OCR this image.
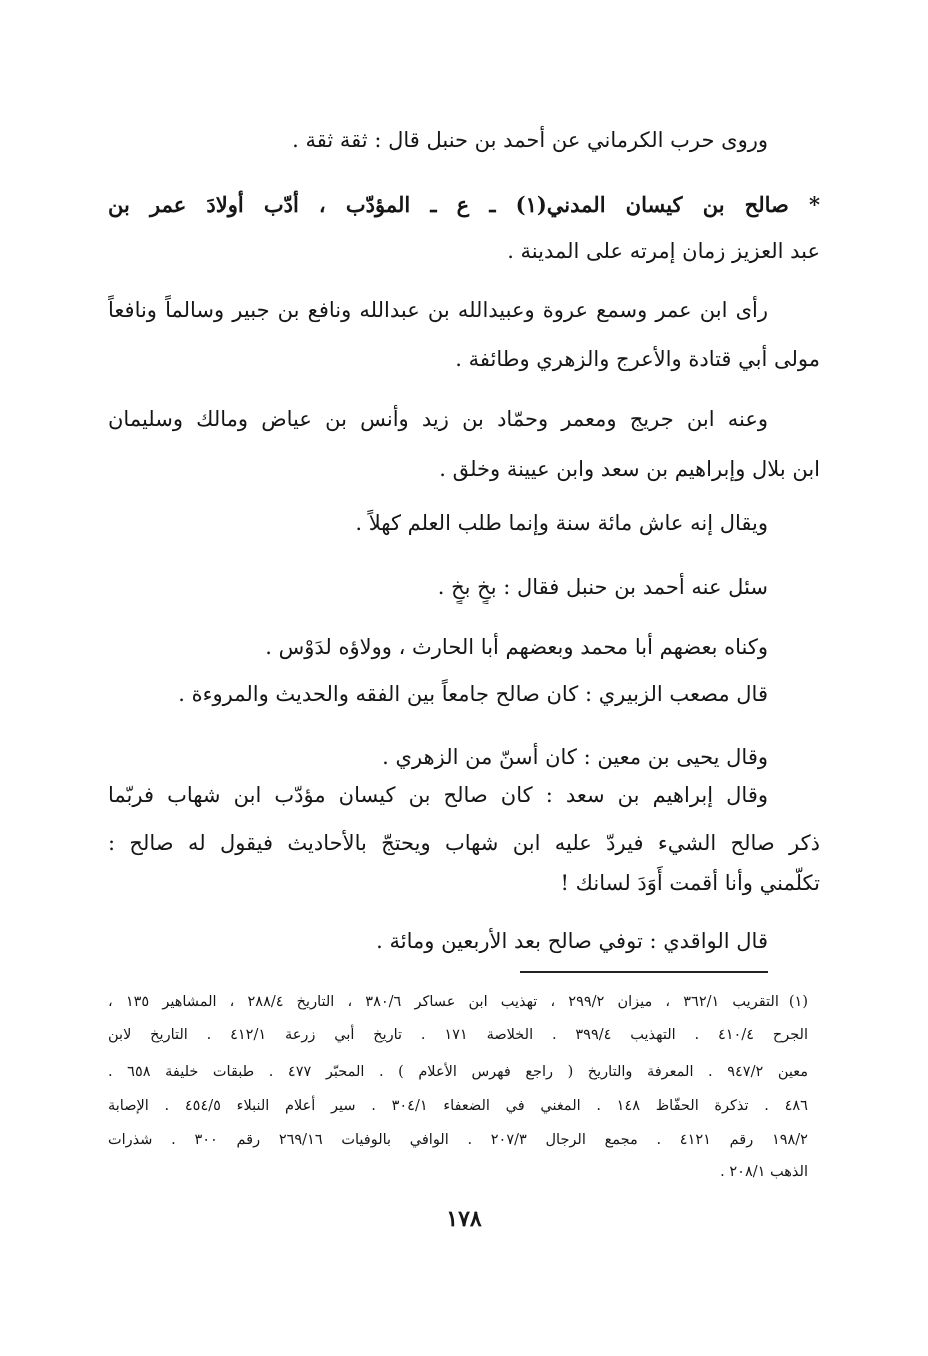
وروى حرب الكرماني عن أحمد بن حنبل قال : ثقة ثقة .
* صالح بن كيسان المدني(١) ـ ع ـ المؤدّب ، أدّب أولادَ عمر بن
عبد العزيز زمان إمرته على المدينة .
رأى ابن عمر وسمع عروة وعبيدالله بن عبدالله ونافع بن جبير وسالماً ونافعاً
مولى أبي قتادة والأعرج والزهري وطائفة .
وعنه ابن جريج ومعمر وحمّاد بن زيد وأنس بن عياض ومالك وسليمان
ابن بلال وإبراهيم بن سعد وابن عيينة وخلق .
ويقال إنه عاش مائة سنة وإنما طلب العلم كهلاً .
سئل عنه أحمد بن حنبل فقال : بخٍ بخٍ .
وكناه بعضهم أبا محمد وبعضهم أبا الحارث ، وولاؤه لدَوْس .
قال مصعب الزبيري : كان صالح جامعاً بين الفقه والحديث والمروءة .
وقال يحيى بن معين : كان أسنّ من الزهري .
وقال إبراهيم بن سعد : كان صالح بن كيسان مؤدّب ابن شهاب فربّما
ذكر صالح الشيء فيردّ عليه ابن شهاب ويحتجّ بالأحاديث فيقول له صالح :
تكلّمني وأنا أقمت أَوَدَ لسانك !
قال الواقدي : توفي صالح بعد الأربعين ومائة .
(١)التقريب ٣٦٢/١ ، ميزان ٢٩٩/٢ ، تهذيب ابن عساكر ٣٨٠/٦ ، التاريخ ٢٨٨/٤ ، المشاهير ١٣٥ ،
الجرح ٤١٠/٤ . التهذيب ٣٩٩/٤ . الخلاصة ١٧١ . تاريخ أبي زرعة ٤١٢/١ . التاريخ لابن
معين ٩٤٧/٢ . المعرفة والتاريخ ( راجع فهرس الأعلام ) . المحبّر ٤٧٧ . طبقات خليفة ٦٥٨ .
٤٨٦ . تذكرة الحفّاظ ١٤٨ . المغني في الضعفاء ٣٠٤/١ . سير أعلام النبلاء ٤٥٤/٥ . الإصابة
١٩٨/٢ رقم ٤١٢١ . مجمع الرجال ٢٠٧/٣ . الوافي بالوفيات ٢٦٩/١٦ رقم ٣٠٠ . شذرات
الذهب ٢٠٨/١ .
١٧٨
